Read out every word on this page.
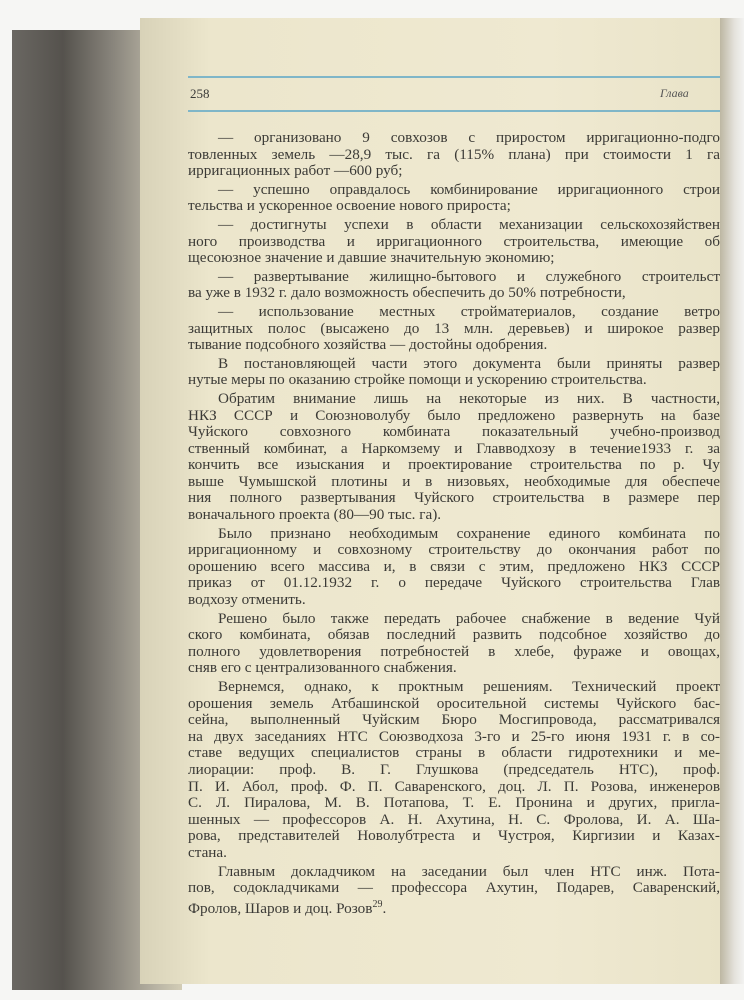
258	Глава
— организовано 9 совхозов с приростом ирригационно-подго
товленных земель —28,9 тыс. га (115% плана) при стоимости 1 га
ирригационных работ —600 руб;
— успешно оправдалось комбинирование ирригационного строи
тельства и ускоренное освоение нового прироста;
— достигнуты успехи в области механизации сельскохозяйствен
ного производства и ирригационного строительства, имеющие об
щесоюзное значение и давшие значительную экономию;
— развертывание жилищно-бытового и служебного строительст
ва уже в 1932 г. дало возможность обеспечить до 50% потребности,
— использование местных стройматериалов, создание ветро
защитных полос (высажено до 13 млн. деревьев) и широкое развер
тывание подсобного хозяйства — достойны одобрения.
В постановляющей части этого документа были приняты развер
нутые меры по оказанию стройке помощи и ускорению строительства.
Обратим внимание лишь на некоторые из них. В частности,
НКЗ СССР и Союзноволубу было предложено развернуть на базе
Чуйского совхозного комбината показательный учебно-производ
ственный комбинат, а Наркомзему и Главводхозу в течение1933 г. за
кончить все изыскания и проектирование строительства по р. Чу
выше Чумышской плотины и в низовьях, необходимые для обеспече
ния полного развертывания Чуйского строительства в размере пер
воначального проекта (80—90 тыс. га).
Было признано необходимым сохранение единого комбината по
ирригационному и совхозному строительству до окончания работ по
орошению всего массива и, в связи с этим, предложено НКЗ СССР
приказ от 01.12.1932 г. о передаче Чуйского строительства Глав
водхозу отменить.
Решено было также передать рабочее снабжение в ведение Чуй
ского комбината, обязав последний развить подсобное хозяйство до
полного удовлетворения потребностей в хлебе, фураже и овощах,
сняв его с централизованного снабжения.
Вернемся, однако, к проктным решениям. Технический проект
орошения земель Атбашинской оросительной системы Чуйского бас-
сейна, выполненный Чуйским Бюро Мосгипровода, рассматривался
на двух заседаниях НТС Союзводхоза 3-го и 25-го июня 1931 г. в со-
ставе ведущих специалистов страны в области гидротехники и ме-
лиорации: проф. В. Г. Глушкова (председатель НТС), проф.
П. И. Абол, проф. Ф. П. Саваренского, доц. Л. П. Розова, инженеров
С. Л. Пиралова, М. В. Потапова, Т. Е. Пронина и других, пригла-
шенных — профессоров А. Н. Ахутина, Н. С. Фролова, И. А. Ша-
рова, представителей Новолубтреста и Чустроя, Киргизии и Казах-
стана.
Главным докладчиком на заседании был член НТС инж. Пота-
пов, содокладчиками — профессора Ахутин, Подарев, Саваренский,
Фролов, Шаров и доц. Розов$^{29}$.
